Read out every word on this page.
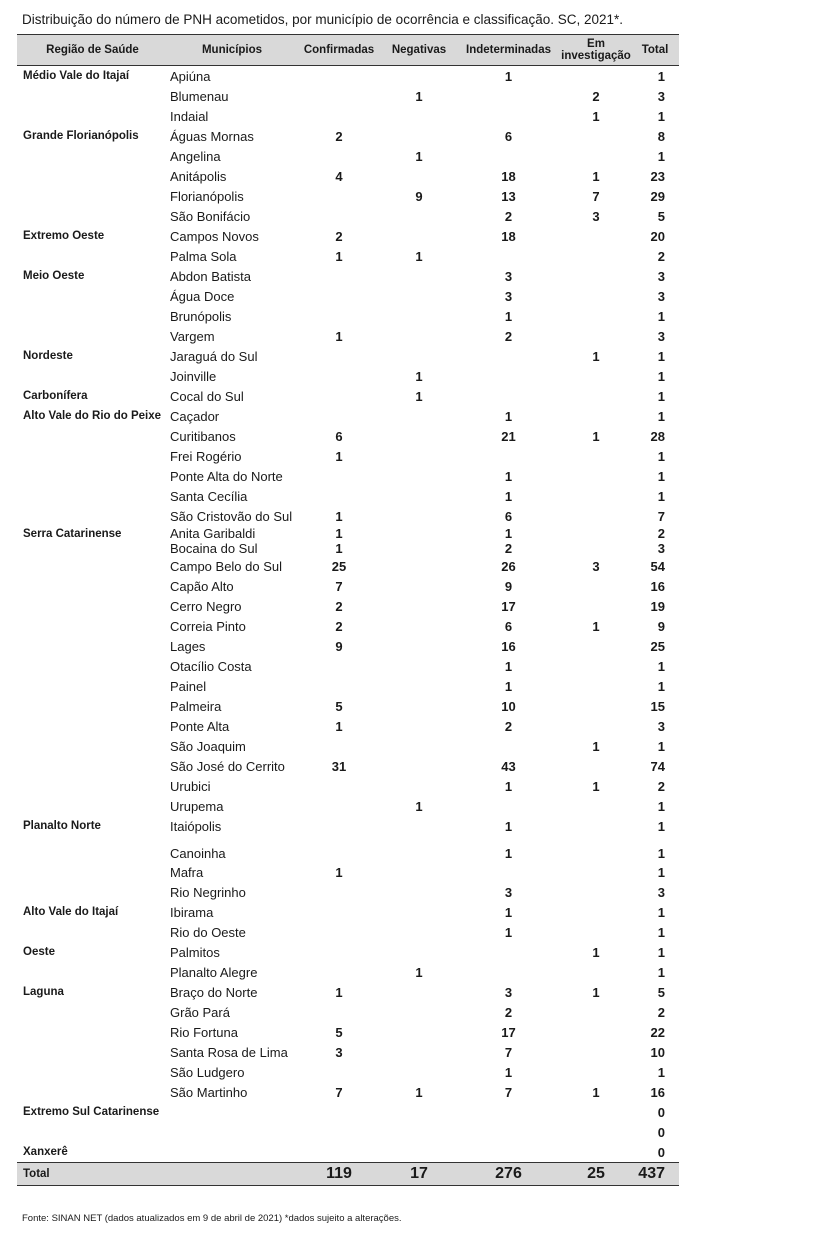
Distribuição do número de PNH acometidos, por município de ocorrência e classificação. SC, 2021*.
Região de Saúde	Municípios	Confirmadas	Negativas	Indeterminadas	Em
investigação	Total
Médio Vale do Itajaí	Apiúna			1		1
	Blumenau		1		2	3
	Indaial				1	1
Grande Florianópolis	Águas Mornas	2		6		8
	Angelina		1			1
	Anitápolis	4		18	1	23
	Florianópolis		9	13	7	29
	São Bonifácio			2	3	5
Extremo Oeste	Campos Novos	2		18		20
	Palma Sola	1	1			2
Meio Oeste	Abdon Batista			3		3
	Água Doce			3		3
	Brunópolis			1		1
	Vargem	1		2		3
Nordeste	Jaraguá do Sul				1	1
	Joinville		1			1
Carbonífera	Cocal do Sul		1			1
Alto Vale do Rio do Peixe	Caçador			1		1
	Curitibanos	6		21	1	28
	Frei Rogério	1				1
	Ponte Alta do Norte			1		1
	Santa Cecília			1		1
	São Cristovão do Sul	1		6		7
Serra Catarinense	Anita Garibaldi	1		1		2
	Bocaina do Sul	1		2		3
	Campo Belo do Sul	25		26	3	54
	Capão Alto	7		9		16
	Cerro Negro	2		17		19
	Correia Pinto	2		6	1	9
	Lages	9		16		25
	Otacílio Costa			1		1
	Painel			1		1
	Palmeira	5		10		15
	Ponte Alta	1		2		3
	São Joaquim				1	1
	São José do Cerrito	31		43		74
	Urubici			1	1	2
	Urupema		1			1
Planalto Norte	Itaiópolis			1		1
	Canoinha			1		1
	Mafra	1				1
	Rio Negrinho			3		3
Alto Vale do Itajaí	Ibirama			1		1
	Rio do Oeste			1		1
Oeste	Palmitos				1	1
	Planalto Alegre		1			1
Laguna	Braço do Norte	1		3	1	5
	Grão Pará			2		2
	Rio Fortuna	5		17		22
	Santa Rosa de Lima	3		7		10
	São Ludgero			1		1
	São Martinho	7	1	7	1	16
Extremo Sul Catarinense						0
						0
Xanxerê						0
Total		119	17	276	25	437
Fonte: SINAN NET (dados atualizados em 9 de abril de 2021) *dados sujeito a alterações.
